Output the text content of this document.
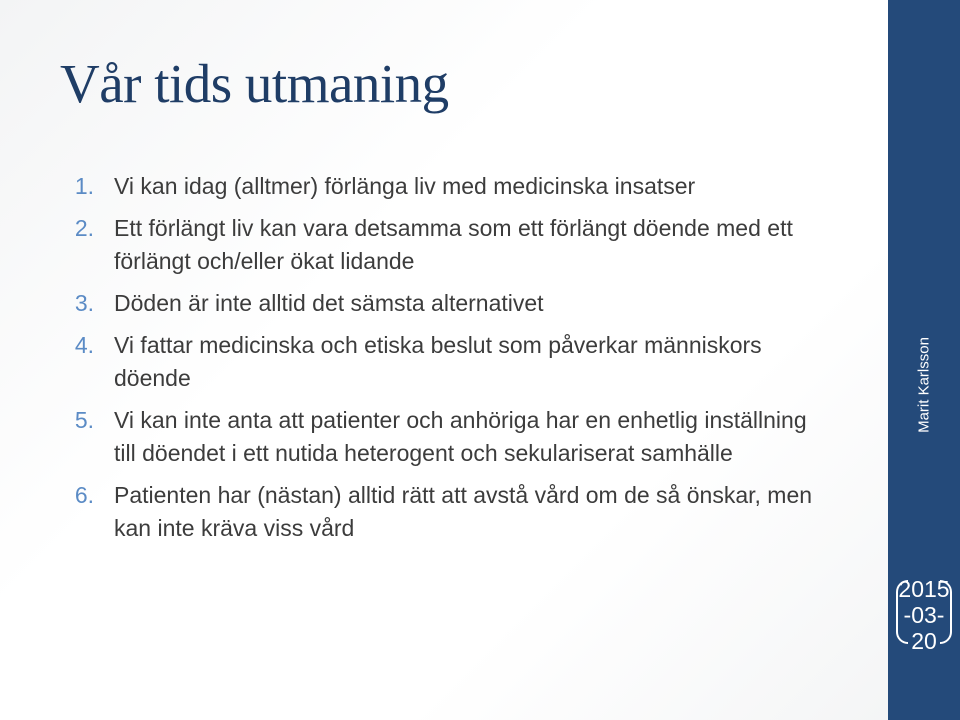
Vår tids utmaning
1. Vi kan idag (alltmer) förlänga liv med medicinska insatser
2. Ett förlängt liv kan vara detsamma som ett förlängt döende med ett förlängt och/eller ökat lidande
3. Döden är inte alltid det sämsta alternativet
4. Vi fattar medicinska och etiska beslut som påverkar människors döende
5. Vi kan inte anta att patienter och anhöriga har en enhetlig inställning till döendet i ett nutida heterogent och sekulariserat samhälle
6. Patienten har (nästan) alltid rätt att avstå vård om de så önskar, men kan inte kräva viss vård
Marit Karlsson
2015
-03-
20
